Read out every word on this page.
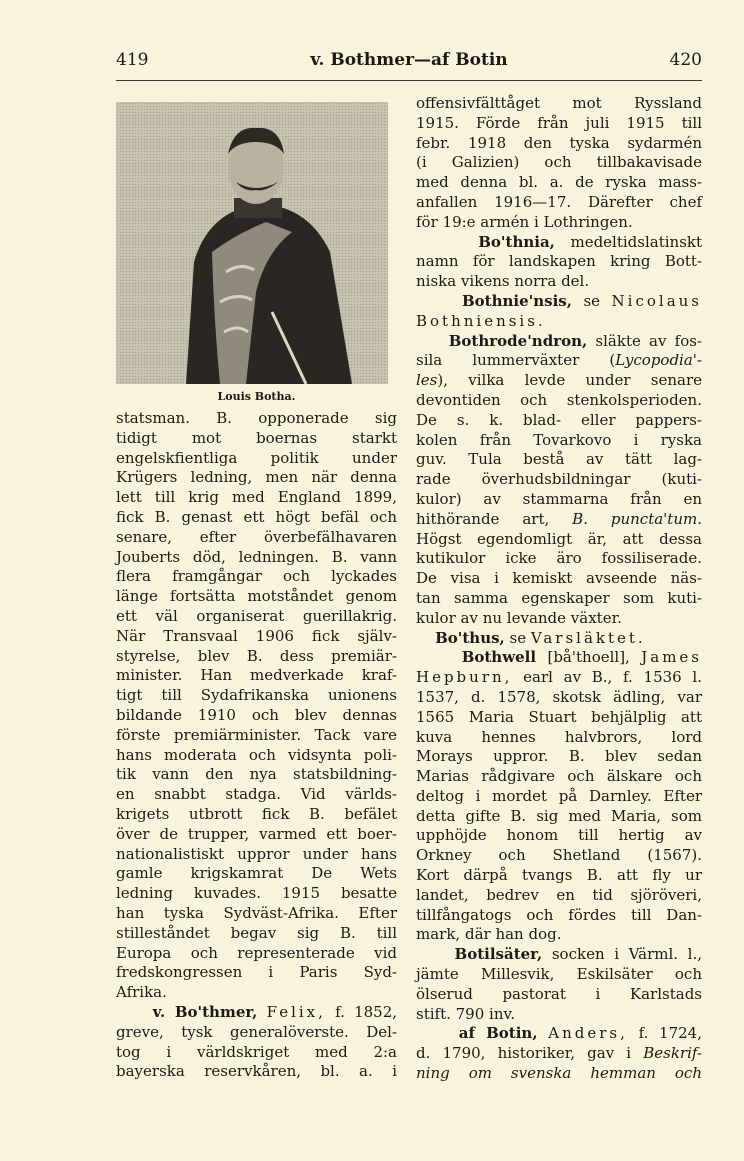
419	v. Bothmer—af Botin	420
Louis Botha.

statsman. B. opponerade sig

tidigt mot boernas starkt

engelskfientliga politik under

Krügers ledning, men när denna

lett till krig med England 1899,

fick B. genast ett högt befäl och

senare, efter överbefälhavaren

Jouberts död, ledningen. B. vann

flera framgångar och lyckades

länge fortsätta motståndet genom

ett väl organiserat guerillakrig.

När Transvaal 1906 fick själv-

styrelse, blev B. dess premiär-

minister. Han medverkade kraf-

tigt till Sydafrikanska unionens

bildande 1910 och blev dennas

förste premiärminister. Tack vare

hans moderata och vidsynta poli-

tik vann den nya statsbildning-

en snabbt stadga. Vid världs-

krigets utbrott fick B. befälet

över de trupper, varmed ett boer-

nationalistiskt uppror under hans

gamle krigskamrat De Wets

ledning kuvades. 1915 besatte

han tyska Sydväst-Afrika. Efter

stilleståndet begav sig B. till

Europa och representerade vid

fredskongressen i Paris Syd-

Afrika.

v. Bo'thmer, Felix, f. 1852,

greve, tysk generalöverste. Del-

tog i världskriget med 2:a

bayerska reservkåren, bl. a. i

offensivfälttåget mot Ryssland

1915. Förde från juli 1915 till

febr. 1918 den tyska sydarmén

(i Galizien) och tillbakavisade

med denna bl. a. de ryska mass-

anfallen 1916—17. Därefter chef

för 19:e armén i Lothringen.

Bo'thnia, medeltidslatinskt

namn för landskapen kring Bott-

niska vikens norra del.

Bothnie'nsis, se Nicolaus

Bothniensis.

Bothrode'ndron, släkte av fos-

sila lummerväxter (Lycopodia'-

les), vilka levde under senare

devontiden och stenkolsperioden.

De s. k. blad- eller pappers-

kolen från Tovarkovo i ryska

guv. Tula bestå av tätt lag-

rade överhudsbildningar (kuti-

kulor) av stammarna från en

hithörande art, B. puncta'tum.

Högst egendomligt är, att dessa

kutikulor icke äro fossiliserade.

De visa i kemiskt avseende näs-

tan samma egenskaper som kuti-

kulor av nu levande växter.

Bo'thus, se Varsläktet.

Bothwell [bå'thoell], James

Hepburn, earl av B., f. 1536 l.

1537, d. 1578, skotsk ädling, var

1565 Maria Stuart behjälplig att

kuva hennes halvbrors, lord

Morays uppror. B. blev sedan

Marias rådgivare och älskare och

deltog i mordet på Darnley. Efter

detta gifte B. sig med Maria, som

upphöjde honom till hertig av

Orkney och Shetland (1567).

Kort därpå tvangs B. att fly ur

landet, bedrev en tid sjöröveri,

tillfångatogs och fördes till Dan-

mark, där han dog.

Botilsäter, socken i Värml. l.,

jämte Millesvik, Eskilsäter och

ölserud pastorat i Karlstads

stift. 790 inv.

af Botin, Anders, f. 1724,

d. 1790, historiker, gav i Beskrif-

ning om svenska hemman och
